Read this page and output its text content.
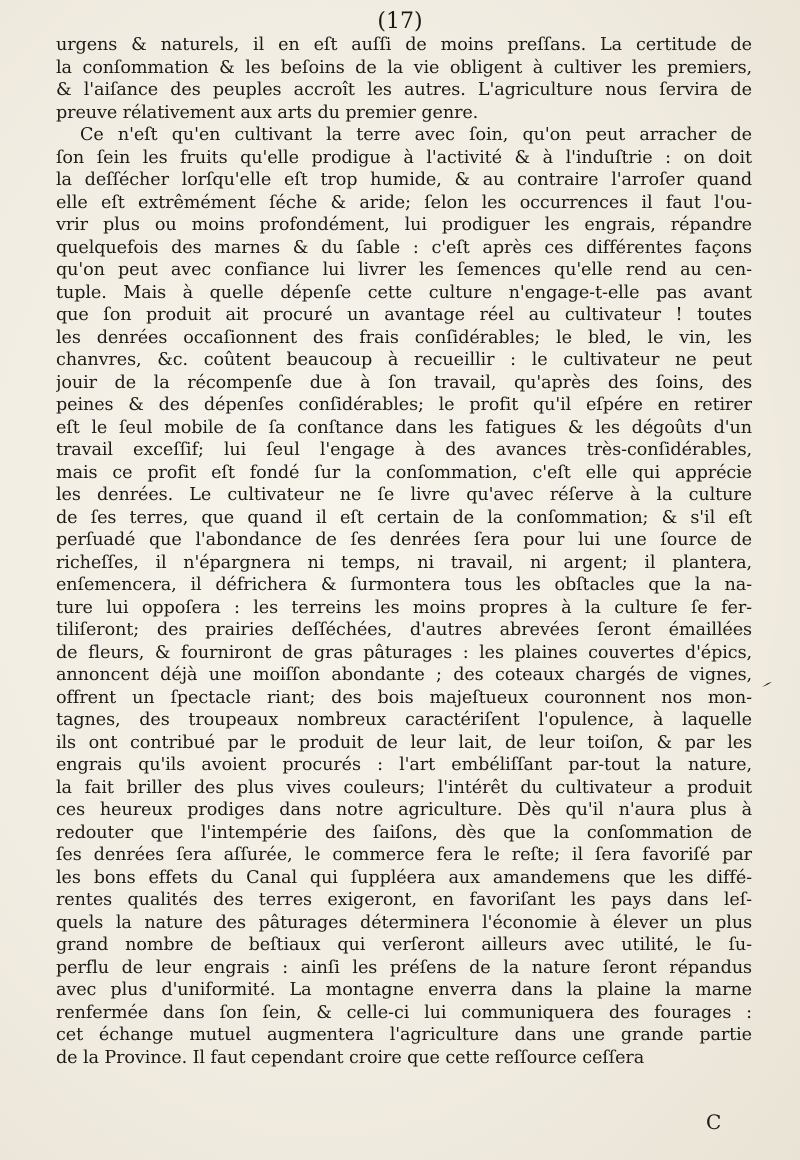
(17)
urgens & naturels, il en eſt auſſi de moins preſſans. La certitude de
la conſommation & les beſoins de la vie obligent à cultiver les premiers,
& l'aiſance des peuples accroît les autres. L'agriculture nous ſervira de
preuve rélativement aux arts du premier genre.
Ce n'eſt qu'en cultivant la terre avec ſoin, qu'on peut arracher de
ſon ſein les fruits qu'elle prodigue à l'activité & à l'induſtrie : on doit
la deſſécher lorſqu'elle eſt trop humide, & au contraire l'arroſer quand
elle eſt extrêmément ſéche & aride; ſelon les occurrences il faut l'ou-
vrir plus ou moins profondément, lui prodiguer les engrais, répandre
quelquefois des marnes & du ſable : c'eſt après ces différentes façons
qu'on peut avec confiance lui livrer les ſemences qu'elle rend au cen-
tuple. Mais à quelle dépenſe cette culture n'engage-t-elle pas avant
que ſon produit ait procuré un avantage réel au cultivateur ! toutes
les denrées occaſionnent des frais conſidérables; le bled, le vin, les
chanvres, &c. coûtent beaucoup à recueillir : le cultivateur ne peut
jouir de la récompenſe due à ſon travail, qu'après des ſoins, des
peines & des dépenſes conſidérables; le profit qu'il eſpére en retirer
eſt le ſeul mobile de ſa conſtance dans les fatigues & les dégoûts d'un
travail exceſſif; lui ſeul l'engage à des avances très-conſidérables,
mais ce profit eſt fondé ſur la conſommation, c'eſt elle qui apprécie
les denrées. Le cultivateur ne ſe livre qu'avec réſerve à la culture
de ſes terres, que quand il eſt certain de la conſommation; & s'il eſt
perſuadé que l'abondance de ſes denrées ſera pour lui une ſource de
richeſſes, il n'épargnera ni temps, ni travail, ni argent; il plantera,
enſemencera, il défrichera & ſurmontera tous les obſtacles que la na-
ture lui oppoſera : les terreins les moins propres à la culture ſe fer-
tiliſeront; des prairies deſſéchées, d'autres abrevées ſeront émaillées
de fleurs, & fourniront de gras pâturages : les plaines couvertes d'épics,
annoncent déjà une moiſſon abondante ; des coteaux chargés de vignes,
offrent un ſpectacle riant; des bois majeſtueux couronnent nos mon-
tagnes, des troupeaux nombreux caractériſent l'opulence, à laquelle
ils ont contribué par le produit de leur lait, de leur toiſon, & par les
engrais qu'ils avoient procurés : l'art embéliſſant par-tout la nature,
la fait briller des plus vives couleurs; l'intérêt du cultivateur a produit
ces heureux prodiges dans notre agriculture. Dès qu'il n'aura plus à
redouter que l'intempérie des ſaiſons, dès que la conſommation de
ſes denrées ſera aſſurée, le commerce fera le reſte; il ſera favoriſé par
les bons effets du Canal qui ſuppléera aux amandemens que les diffé-
rentes qualités des terres exigeront, en favoriſant les pays dans leſ-
quels la nature des pâturages déterminera l'économie à élever un plus
grand nombre de beſtiaux qui verſeront ailleurs avec utilité, le ſu-
perflu de leur engrais : ainſi les préſens de la nature ſeront répandus
avec plus d'uniformité. La montagne enverra dans la plaine la marne
renfermée dans ſon ſein, & celle-ci lui communiquera des fourages :
cet échange mutuel augmentera l'agriculture dans une grande partie
de la Province. Il faut cependant croire que cette reſſource ceſſera
C
